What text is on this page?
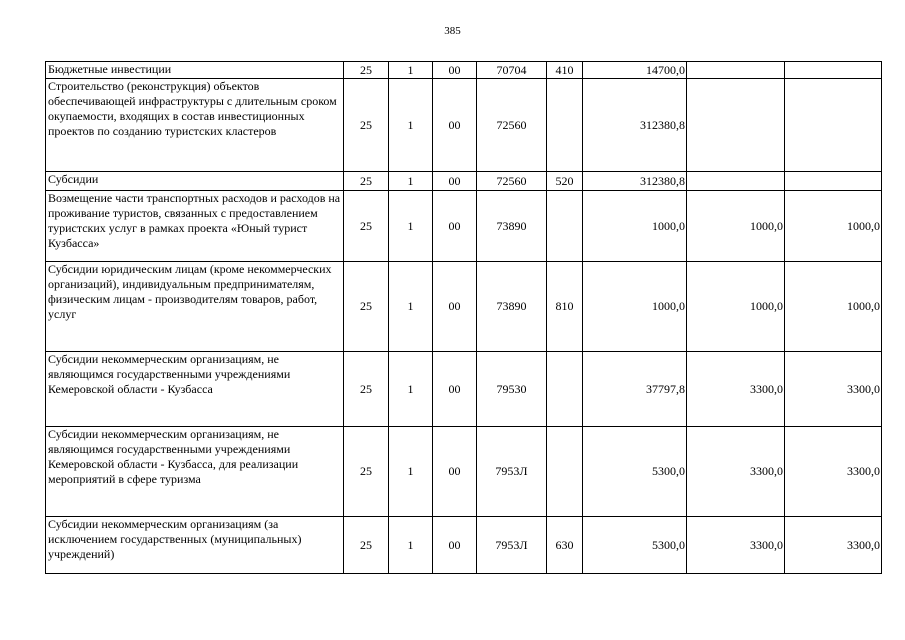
385
Бюджетные инвестиции	25	1	00	70704	410	14700,0		
Строительство (реконструкция) объектов обеспечивающей инфраструктуры с длительным сроком окупаемости, входящих в состав инвестиционных проектов по созданию туристских кластеров	25	1	00	72560		312380,8		
Субсидии	25	1	00	72560	520	312380,8		
Возмещение части транспортных расходов и расходов на проживание туристов, связанных с предоставлением туристских услуг в рамках проекта «Юный турист Кузбасса»	25	1	00	73890		1000,0	1000,0	1000,0
Субсидии юридическим лицам (кроме некоммерческих организаций), индивидуальным предпринимателям, физическим лицам - производителям товаров, работ, услуг	25	1	00	73890	810	1000,0	1000,0	1000,0
Субсидии некоммерческим организациям, не являющимся государственными учреждениями Кемеровской области - Кузбасса	25	1	00	79530		37797,8	3300,0	3300,0
Субсидии некоммерческим организациям, не являющимся государственными учреждениями Кемеровской области - Кузбасса, для реализации мероприятий в сфере туризма	25	1	00	7953Л		5300,0	3300,0	3300,0
Субсидии некоммерческим организациям (за исключением государственных (муниципальных) учреждений)	25	1	00	7953Л	630	5300,0	3300,0	3300,0
